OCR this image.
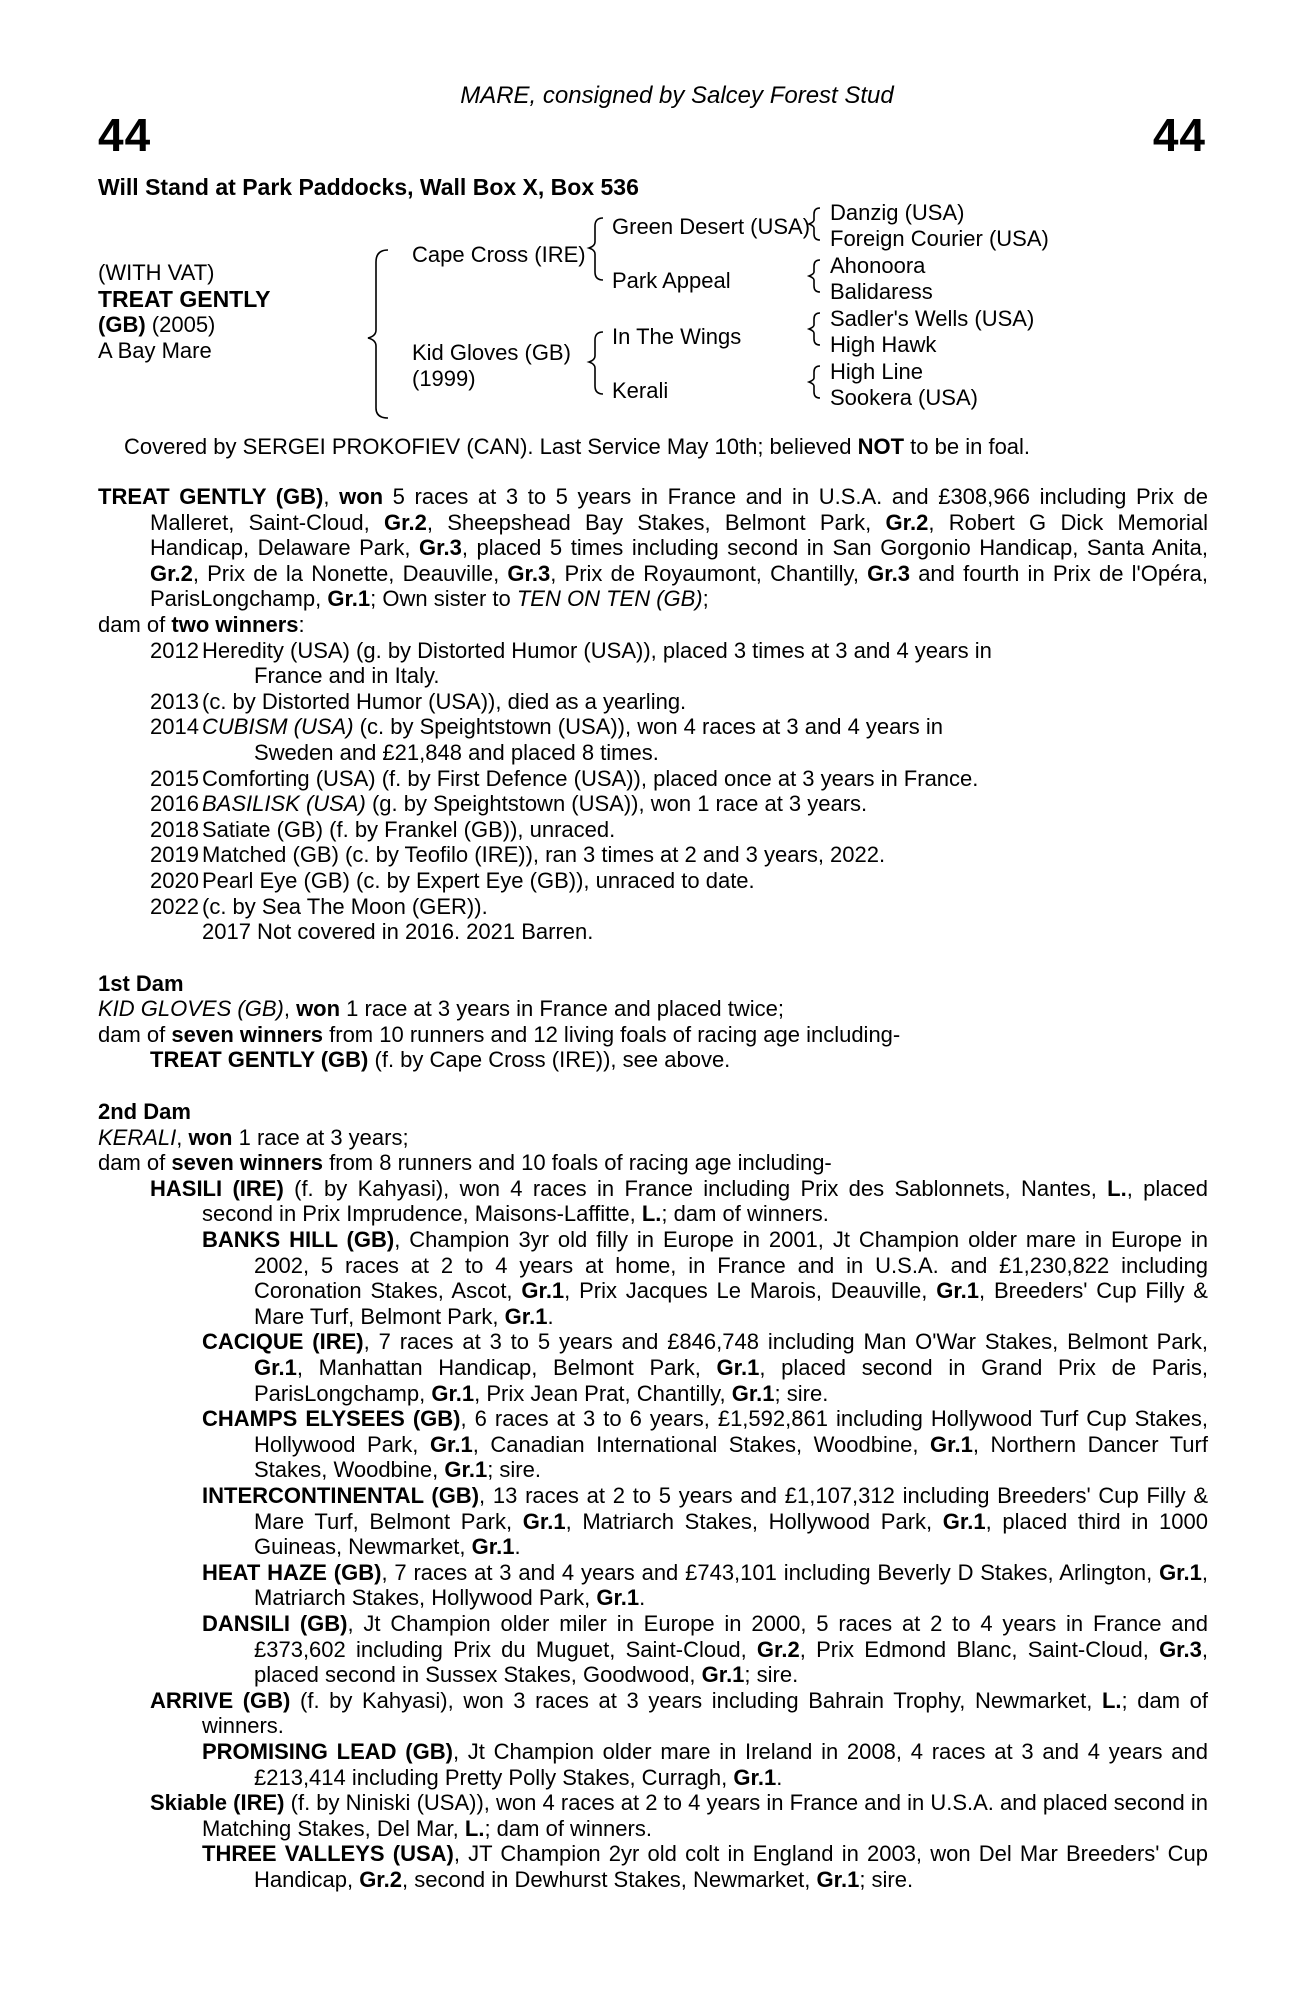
44
MARE, consigned by Salcey Forest Stud
44
Will Stand at Park Paddocks, Wall Box X, Box 536
(WITH VAT)
TREAT GENTLY
(GB) (2005)
A Bay Mare
Cape Cross (IRE)
Kid Gloves (GB)
(1999)
Green Desert (USA)
Park Appeal
In The Wings
Kerali
Danzig (USA)
Foreign Courier (USA)
Ahonoora
Balidaress
Sadler's Wells (USA)
High Hawk
High Line
Sookera (USA)
Covered by SERGEI PROKOFIEV (CAN). Last Service May 10th; believed NOT to be in foal.

TREAT GENTLY (GB), won 5 races at 3 to 5 years in France and in U.S.A. and £308,966 including Prix de Malleret, Saint-Cloud, Gr.2, Sheepshead Bay Stakes, Belmont Park, Gr.2, Robert G Dick Memorial Handicap, Delaware Park, Gr.3, placed 5 times including second in San Gorgonio Handicap, Santa Anita, Gr.2, Prix de la Nonette, Deauville, Gr.3, Prix de Royaumont, Chantilly, Gr.3 and fourth in Prix de l'Opéra, ParisLongchamp, Gr.1; Own sister to TEN ON TEN (GB);

dam of two winners:

2012 Heredity (USA) (g. by Distorted Humor (USA)), placed 3 times at 3 and 4 years in
France and in Italy.
2013 (c. by Distorted Humor (USA)), died as a yearling.
2014 CUBISM (USA) (c. by Speightstown (USA)), won 4 races at 3 and 4 years in
Sweden and £21,848 and placed 8 times.
2015 Comforting (USA) (f. by First Defence (USA)), placed once at 3 years in France.
2016 BASILISK (USA) (g. by Speightstown (USA)), won 1 race at 3 years.
2018 Satiate (GB) (f. by Frankel (GB)), unraced.
2019 Matched (GB) (c. by Teofilo (IRE)), ran 3 times at 2 and 3 years, 2022.
2020 Pearl Eye (GB) (c. by Expert Eye (GB)), unraced to date.
2022 (c. by Sea The Moon (GER)).
2017 Not covered in 2016. 2021 Barren.

1st Dam

KID GLOVES (GB), won 1 race at 3 years in France and placed twice;

dam of seven winners from 10 runners and 12 living foals of racing age including-

TREAT GENTLY (GB) (f. by Cape Cross (IRE)), see above.

2nd Dam

KERALI, won 1 race at 3 years;

dam of seven winners from 8 runners and 10 foals of racing age including-

HASILI (IRE) (f. by Kahyasi), won 4 races in France including Prix des Sablonnets, Nantes, L., placed second in Prix Imprudence, Maisons-Laffitte, L.; dam of winners.

BANKS HILL (GB), Champion 3yr old filly in Europe in 2001, Jt Champion older mare in Europe in 2002, 5 races at 2 to 4 years at home, in France and in U.S.A. and £1,230,822 including Coronation Stakes, Ascot, Gr.1, Prix Jacques Le Marois, Deauville, Gr.1, Breeders' Cup Filly & Mare Turf, Belmont Park, Gr.1.

CACIQUE (IRE), 7 races at 3 to 5 years and £846,748 including Man O'War Stakes, Belmont Park, Gr.1, Manhattan Handicap, Belmont Park, Gr.1, placed second in Grand Prix de Paris, ParisLongchamp, Gr.1, Prix Jean Prat, Chantilly, Gr.1; sire.

CHAMPS ELYSEES (GB), 6 races at 3 to 6 years, £1,592,861 including Hollywood Turf Cup Stakes, Hollywood Park, Gr.1, Canadian International Stakes, Woodbine, Gr.1, Northern Dancer Turf Stakes, Woodbine, Gr.1; sire.

INTERCONTINENTAL (GB), 13 races at 2 to 5 years and £1,107,312 including Breeders' Cup Filly & Mare Turf, Belmont Park, Gr.1, Matriarch Stakes, Hollywood Park, Gr.1, placed third in 1000 Guineas, Newmarket, Gr.1.

HEAT HAZE (GB), 7 races at 3 and 4 years and £743,101 including Beverly D Stakes, Arlington, Gr.1, Matriarch Stakes, Hollywood Park, Gr.1.

DANSILI (GB), Jt Champion older miler in Europe in 2000, 5 races at 2 to 4 years in France and £373,602 including Prix du Muguet, Saint-Cloud, Gr.2, Prix Edmond Blanc, Saint-Cloud, Gr.3, placed second in Sussex Stakes, Goodwood, Gr.1; sire.

ARRIVE (GB) (f. by Kahyasi), won 3 races at 3 years including Bahrain Trophy, Newmarket, L.; dam of winners.

PROMISING LEAD (GB), Jt Champion older mare in Ireland in 2008, 4 races at 3 and 4 years and £213,414 including Pretty Polly Stakes, Curragh, Gr.1.

Skiable (IRE) (f. by Niniski (USA)), won 4 races at 2 to 4 years in France and in U.S.A. and placed second in Matching Stakes, Del Mar, L.; dam of winners.

THREE VALLEYS (USA), JT Champion 2yr old colt in England in 2003, won Del Mar Breeders' Cup Handicap, Gr.2, second in Dewhurst Stakes, Newmarket, Gr.1; sire.
